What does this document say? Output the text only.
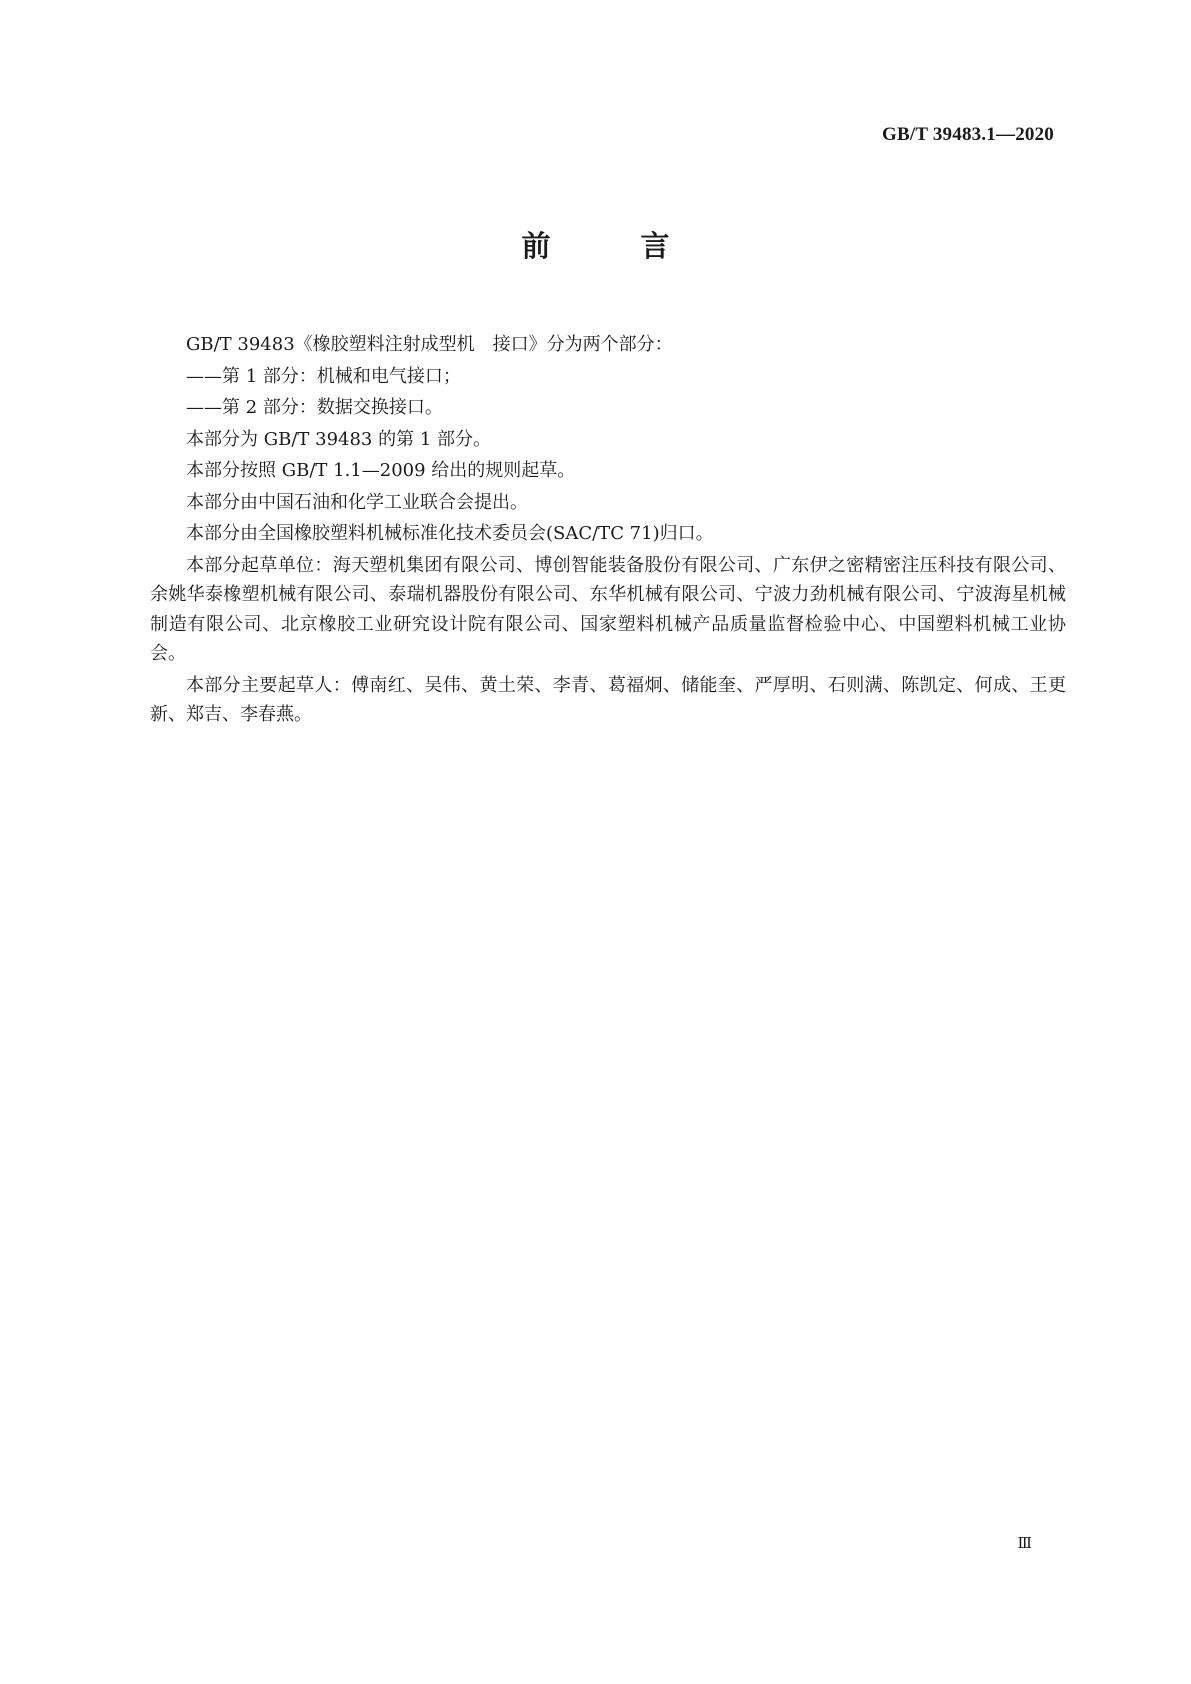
GB/T 39483.1—2020
前 言

GB/T 39483《橡胶塑料注射成型机　接口》分为两个部分：

——第 1 部分：机械和电气接口；

——第 2 部分：数据交换接口。

本部分为 GB/T 39483 的第 1 部分。

本部分按照 GB/T 1.1—2009 给出的规则起草。

本部分由中国石油和化学工业联合会提出。

本部分由全国橡胶塑料机械标准化技术委员会(SAC/TC 71)归口。

本部分起草单位：海天塑机集团有限公司、博创智能装备股份有限公司、广东伊之密精密注压科技有限公司、余姚华泰橡塑机械有限公司、泰瑞机器股份有限公司、东华机械有限公司、宁波力劲机械有限公司、宁波海星机械制造有限公司、北京橡胶工业研究设计院有限公司、国家塑料机械产品质量监督检验中心、中国塑料机械工业协会。

本部分主要起草人：傅南红、吴伟、黄土荣、李青、葛福炯、储能奎、严厚明、石则满、陈凯定、何成、王更新、郑吉、李春燕。

Ⅲ
